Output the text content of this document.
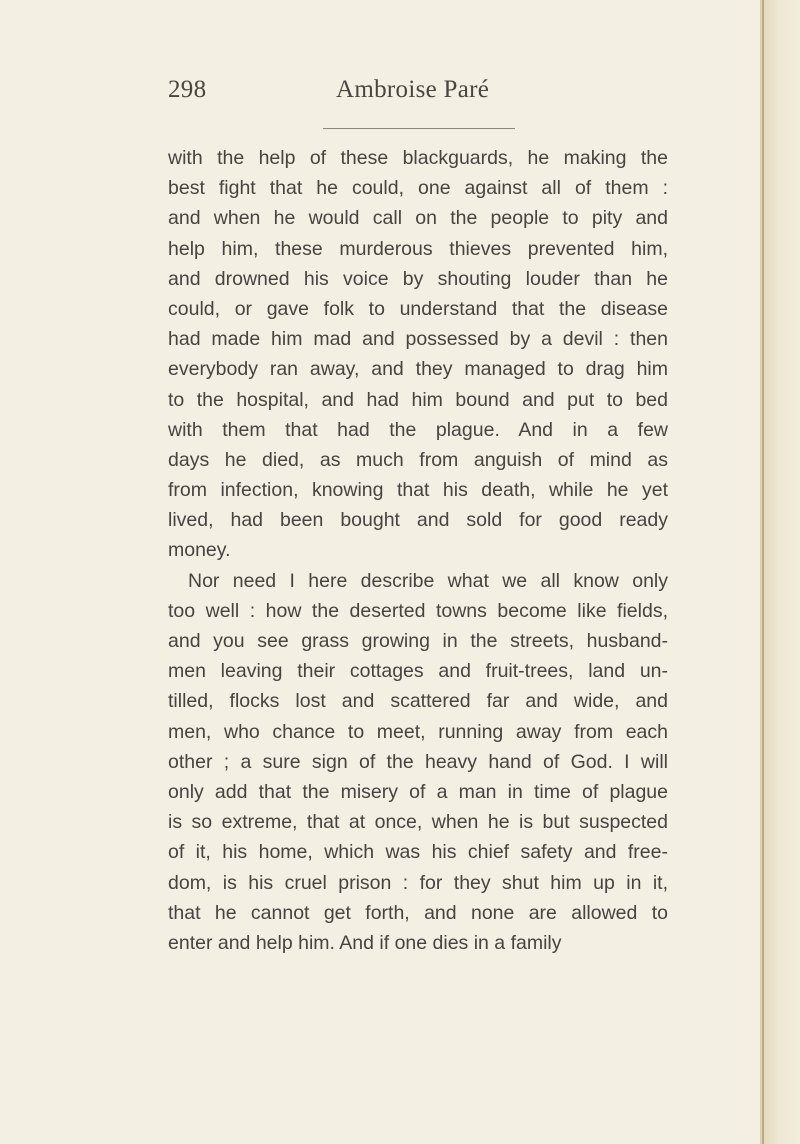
298	Ambroise Paré
with the help of these blackguards, he making the
best fight that he could, one against all of them :
and when he would call on the people to pity and
help him, these murderous thieves prevented him,
and drowned his voice by shouting louder than he
could, or gave folk to understand that the disease
had made him mad and possessed by a devil : then
everybody ran away, and they managed to drag him
to the hospital, and had him bound and put to bed
with them that had the plague. And in a few
days he died, as much from anguish of mind as
from infection, knowing that his death, while he yet
lived, had been bought and sold for good ready
money.
Nor need I here describe what we all know only
too well : how the deserted towns become like fields,
and you see grass growing in the streets, husband-
men leaving their cottages and fruit-trees, land un-
tilled, flocks lost and scattered far and wide, and
men, who chance to meet, running away from each
other ; a sure sign of the heavy hand of God. I will
only add that the misery of a man in time of plague
is so extreme, that at once, when he is but suspected
of it, his home, which was his chief safety and free-
dom, is his cruel prison : for they shut him up in it,
that he cannot get forth, and none are allowed to
enter and help him. And if one dies in a family
